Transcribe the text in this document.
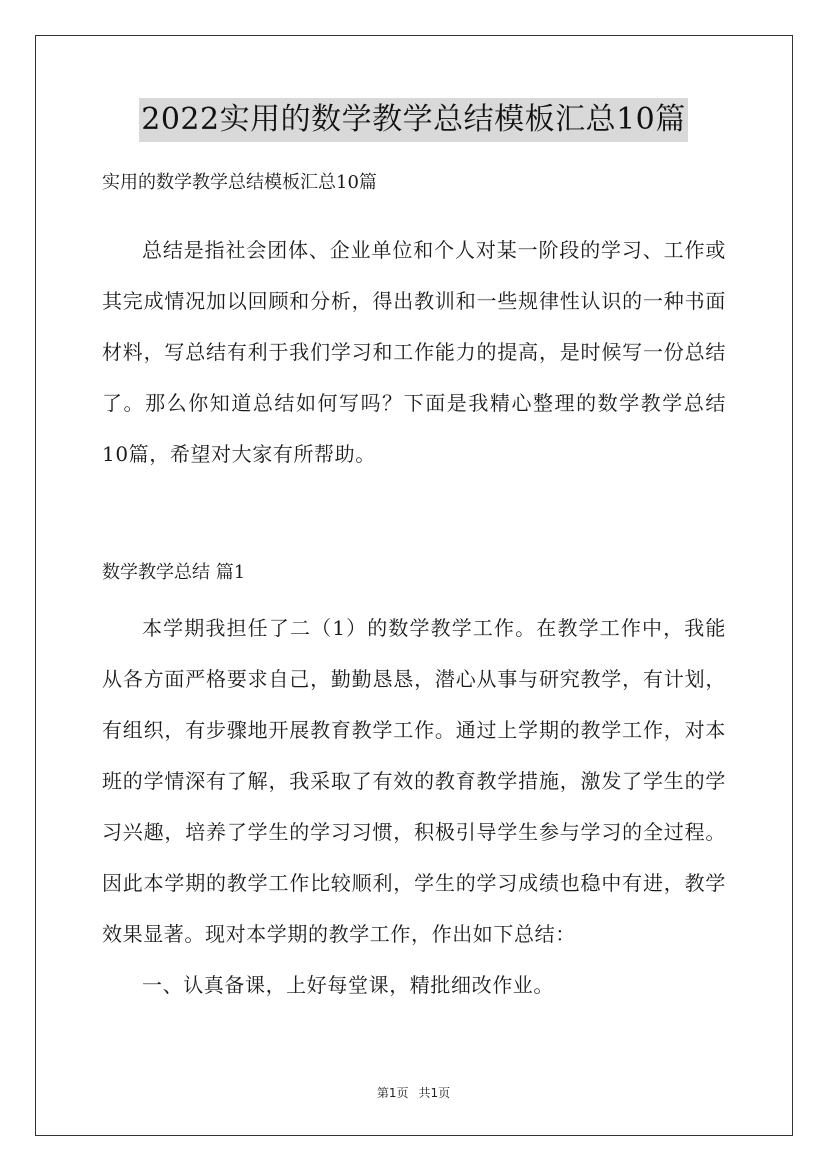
2022实用的数学教学总结模板汇总10篇
实用的数学教学总结模板汇总10篇

总结是指社会团体、企业单位和个人对某一阶段的学习、工作或其完成情况加以回顾和分析，得出教训和一些规律性认识的一种书面材料，写总结有利于我们学习和工作能力的提高，是时候写一份总结了。那么你知道总结如何写吗？下面是我精心整理的数学教学总结10篇，希望对大家有所帮助。

数学教学总结 篇1

本学期我担任了二（1）的数学教学工作。在教学工作中，我能从各方面严格要求自己，勤勤恳恳，潜心从事与研究教学，有计划，有组织，有步骤地开展教育教学工作。通过上学期的教学工作，对本班的学情深有了解，我采取了有效的教育教学措施，激发了学生的学习兴趣，培养了学生的学习习惯，积极引导学生参与学习的全过程。因此本学期的教学工作比较顺利，学生的学习成绩也稳中有进，教学效果显著。现对本学期的教学工作，作出如下总结：

一、认真备课，上好每堂课，精批细改作业。

第1页 共1页
